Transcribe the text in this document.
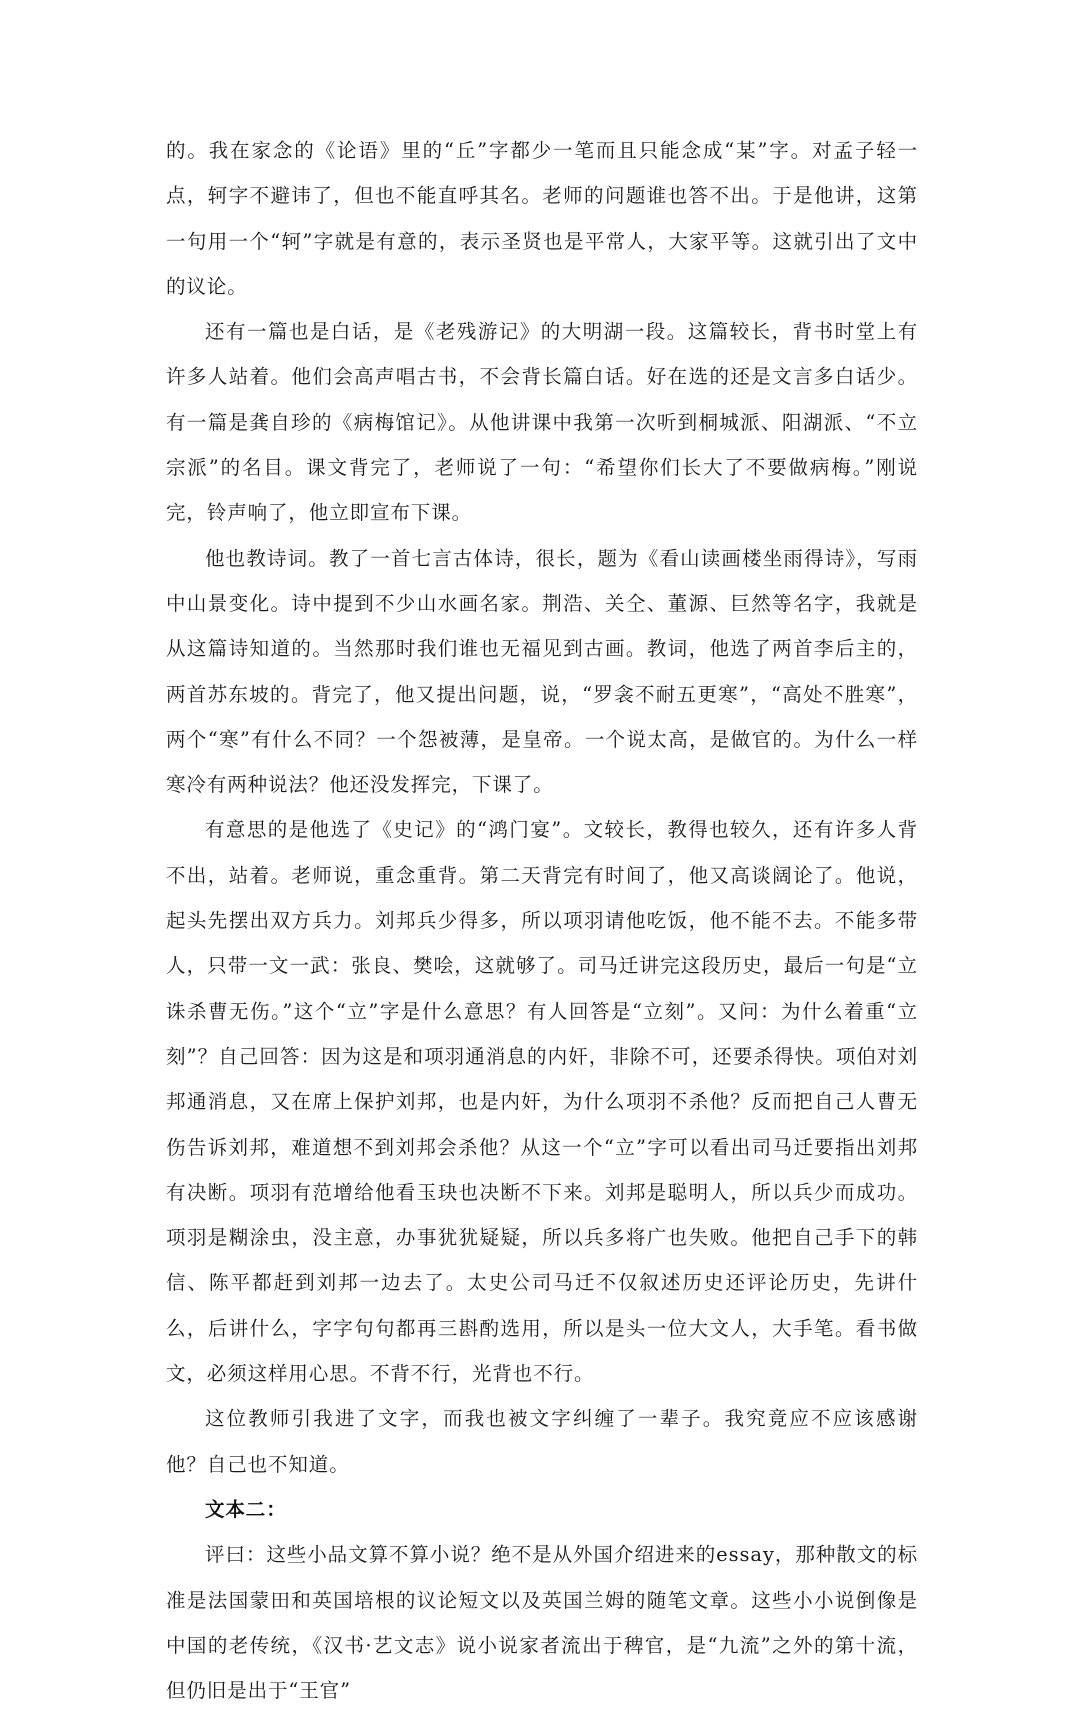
的。我在家念的《论语》里的“丘”字都少一笔而且只能念成“某”字。对孟子轻一点，轲字不避讳了，但也不能直呼其名。老师的问题谁也答不出。于是他讲，这第一句用一个“轲”字就是有意的，表示圣贤也是平常人，大家平等。这就引出了文中的议论。

还有一篇也是白话，是《老残游记》的大明湖一段。这篇较长，背书时堂上有许多人站着。他们会高声唱古书，不会背长篇白话。好在选的还是文言多白话少。有一篇是龚自珍的《病梅馆记》。从他讲课中我第一次听到桐城派、阳湖派、“不立宗派”的名目。课文背完了，老师说了一句：“希望你们长大了不要做病梅。”刚说完，铃声响了，他立即宣布下课。

他也教诗词。教了一首七言古体诗，很长，题为《看山读画楼坐雨得诗》，写雨中山景变化。诗中提到不少山水画名家。荆浩、关仝、董源、巨然等名字，我就是从这篇诗知道的。当然那时我们谁也无福见到古画。教词，他选了两首李后主的，两首苏东坡的。背完了，他又提出问题，说，“罗衾不耐五更寒”，“高处不胜寒”，两个“寒”有什么不同？一个怨被薄，是皇帝。一个说太高，是做官的。为什么一样寒冷有两种说法？他还没发挥完，下课了。

有意思的是他选了《史记》的“鸿门宴”。文较长，教得也较久，还有许多人背不出，站着。老师说，重念重背。第二天背完有时间了，他又高谈阔论了。他说，起头先摆出双方兵力。刘邦兵少得多，所以项羽请他吃饭，他不能不去。不能多带人，只带一文一武：张良、樊哙，这就够了。司马迁讲完这段历史，最后一句是“立诛杀曹无伤。”这个“立”字是什么意思？有人回答是“立刻”。又问：为什么着重“立刻”？自己回答：因为这是和项羽通消息的内奸，非除不可，还要杀得快。项伯对刘邦通消息，又在席上保护刘邦，也是内奸，为什么项羽不杀他？反而把自己人曹无伤告诉刘邦，难道想不到刘邦会杀他？从这一个“立”字可以看出司马迁要指出刘邦有决断。项羽有范增给他看玉玦也决断不下来。刘邦是聪明人，所以兵少而成功。项羽是糊涂虫，没主意，办事犹犹疑疑，所以兵多将广也失败。他把自己手下的韩信、陈平都赶到刘邦一边去了。太史公司马迁不仅叙述历史还评论历史，先讲什么，后讲什么，字字句句都再三斟酌选用，所以是头一位大文人，大手笔。看书做文，必须这样用心思。不背不行，光背也不行。

这位教师引我进了文字，而我也被文字纠缠了一辈子。我究竟应不应该感谢他？自己也不知道。

文本二：

评曰：这些小品文算不算小说？绝不是从外国介绍进来的essay，那种散文的标准是法国蒙田和英国培根的议论短文以及英国兰姆的随笔文章。这些小小说倒像是中国的老传统，《汉书·艺文志》说小说家者流出于稗官，是“九流”之外的第十流，但仍旧是出于“王官”
